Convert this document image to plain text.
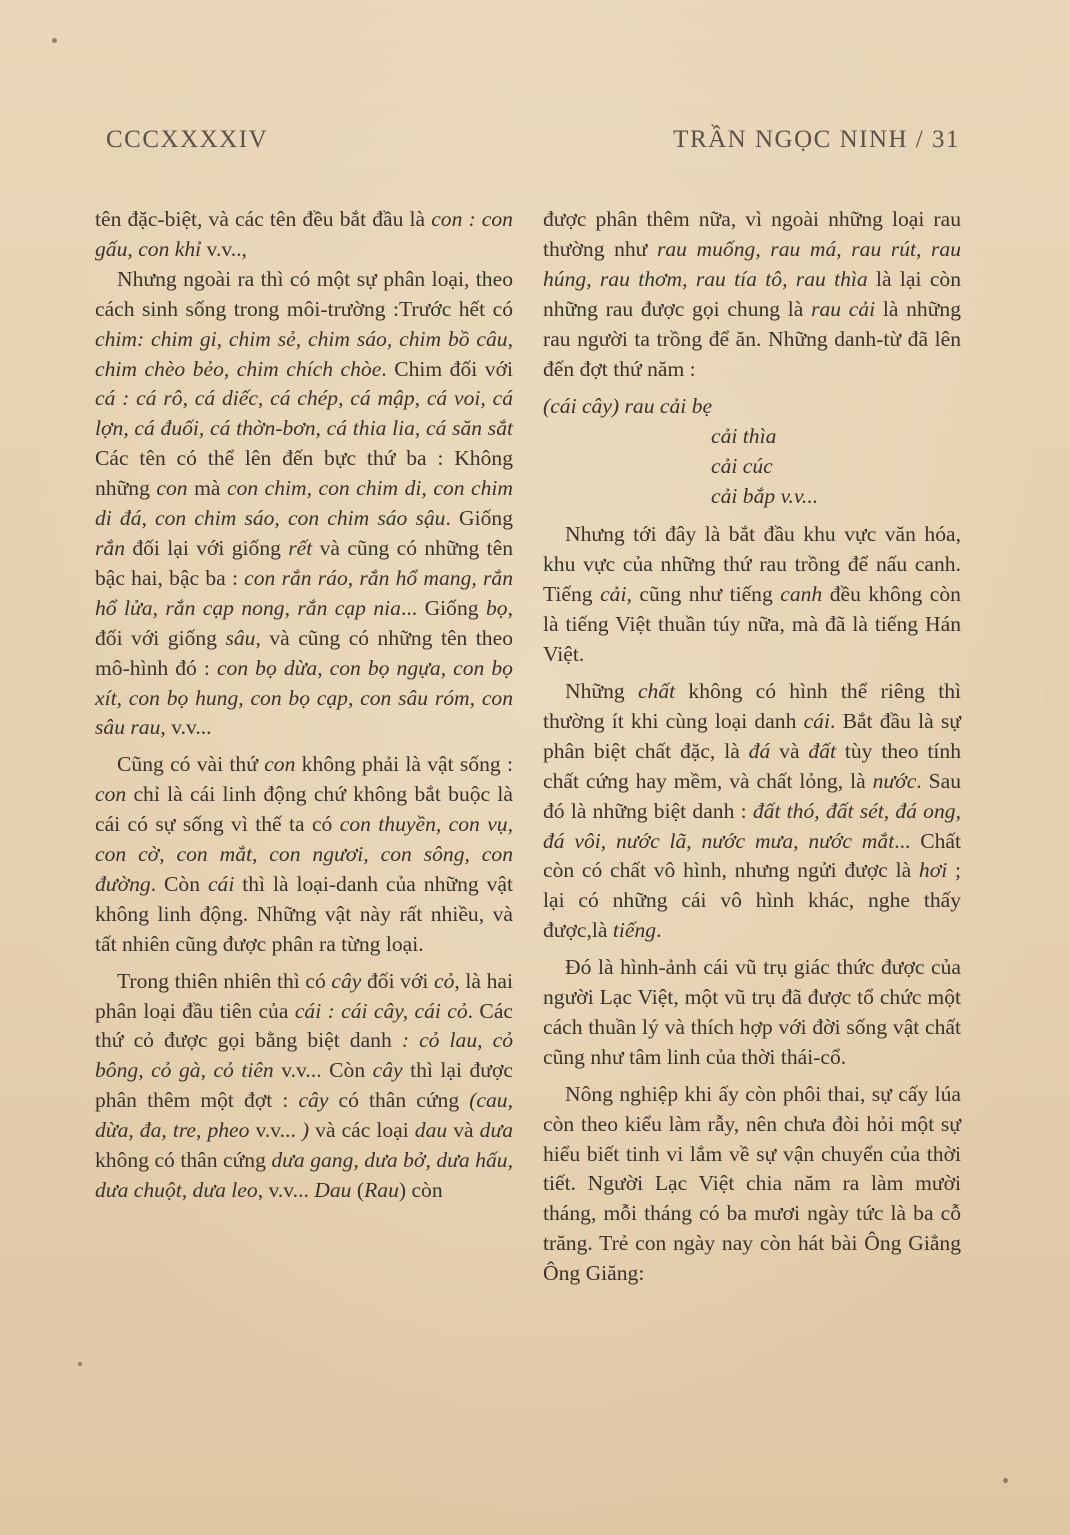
CCCXXXXIV	TRẦN NGỌC NINH / 31

tên đặc-biệt, và các tên đều bắt đầu là con : con gấu, con khỉ v.v..,

Nhưng ngoài ra thì có một sự phân loại, theo cách sinh sống trong môi-trường :Trước hết có chim: chim gi, chim sẻ, chim sáo, chim bồ câu, chim chèo bẻo, chim chích chòe. Chim đối với cá : cá rô, cá diếc, cá chép, cá mập, cá voi, cá lợn, cá đuối, cá thờn-bơn, cá thia lia, cá săn sắt Các tên có thể lên đến bực thứ ba : Không những con mà con chim, con chim di, con chim di đá, con chim sáo, con chim sáo sậu. Giống rắn đối lại với giống rết và cũng có những tên bậc hai, bậc ba : con rắn ráo, rắn hổ mang, rắn hổ lửa, rắn cạp nong, rắn cạp nia... Giống bọ, đối với giống sâu, và cũng có những tên theo mô-hình đó : con bọ dừa, con bọ ngựa, con bọ xít, con bọ hung, con bọ cạp, con sâu róm, con sâu rau, v.v...

Cũng có vài thứ con không phải là vật sống : con chỉ là cái linh động chứ không bắt buộc là cái có sự sống vì thế ta có con thuyền, con vụ, con cờ, con mắt, con ngươi, con sông, con đường. Còn cái thì là loại-danh của những vật không linh động. Những vật này rất nhiều, và tất nhiên cũng được phân ra từng loại.

Trong thiên nhiên thì có cây đối với cỏ, là hai phân loại đầu tiên của cái : cái cây, cái cỏ. Các thứ cỏ được gọi bằng biệt danh : cỏ lau, cỏ bông, cỏ gà, cỏ tiên v.v... Còn cây thì lại được phân thêm một đợt : cây có thân cứng (cau, dừa, đa, tre, pheo v.v... ) và các loại dau và dưa không có thân cứng dưa gang, dưa bở, dưa hấu, dưa chuột, dưa leo, v.v... Dau (Rau) còn

được phân thêm nữa, vì ngoài những loại rau thường như rau muống, rau má, rau rút, rau húng, rau thơm, rau tía tô, rau thìa là lại còn những rau được gọi chung là rau cải là những rau người ta trồng để ăn. Những danh-từ đã lên đến đợt thứ năm :

(cái cây) rau cải bẹ
cải thìa
cải cúc
cải bắp v.v...

Nhưng tới đây là bắt đầu khu vực văn hóa, khu vực của những thứ rau trồng để nấu canh. Tiếng cải, cũng như tiếng canh đều không còn là tiếng Việt thuần túy nữa, mà đã là tiếng Hán Việt.

Những chất không có hình thể riêng thì thường ít khi cùng loại danh cái. Bắt đầu là sự phân biệt chất đặc, là đá và đất tùy theo tính chất cứng hay mềm, và chất lỏng, là nước. Sau đó là những biệt danh : đất thó, đất sét, đá ong, đá vôi, nước lã, nước mưa, nước mắt... Chất còn có chất vô hình, nhưng ngửi được là hơi ; lại có những cái vô hình khác, nghe thấy được,là tiếng.

Đó là hình-ảnh cái vũ trụ giác thức được của người Lạc Việt, một vũ trụ đã được tổ chức một cách thuần lý và thích hợp với đời sống vật chất cũng như tâm linh của thời thái-cổ.

Nông nghiệp khi ấy còn phôi thai, sự cấy lúa còn theo kiểu làm rẫy, nên chưa đòi hỏi một sự hiểu biết tinh vi lắm về sự vận chuyển của thời tiết. Người Lạc Việt chia năm ra làm mười tháng, mỗi tháng có ba mươi ngày tức là ba cỗ trăng. Trẻ con ngày nay còn hát bài Ông Giẳng Ông Giăng:
